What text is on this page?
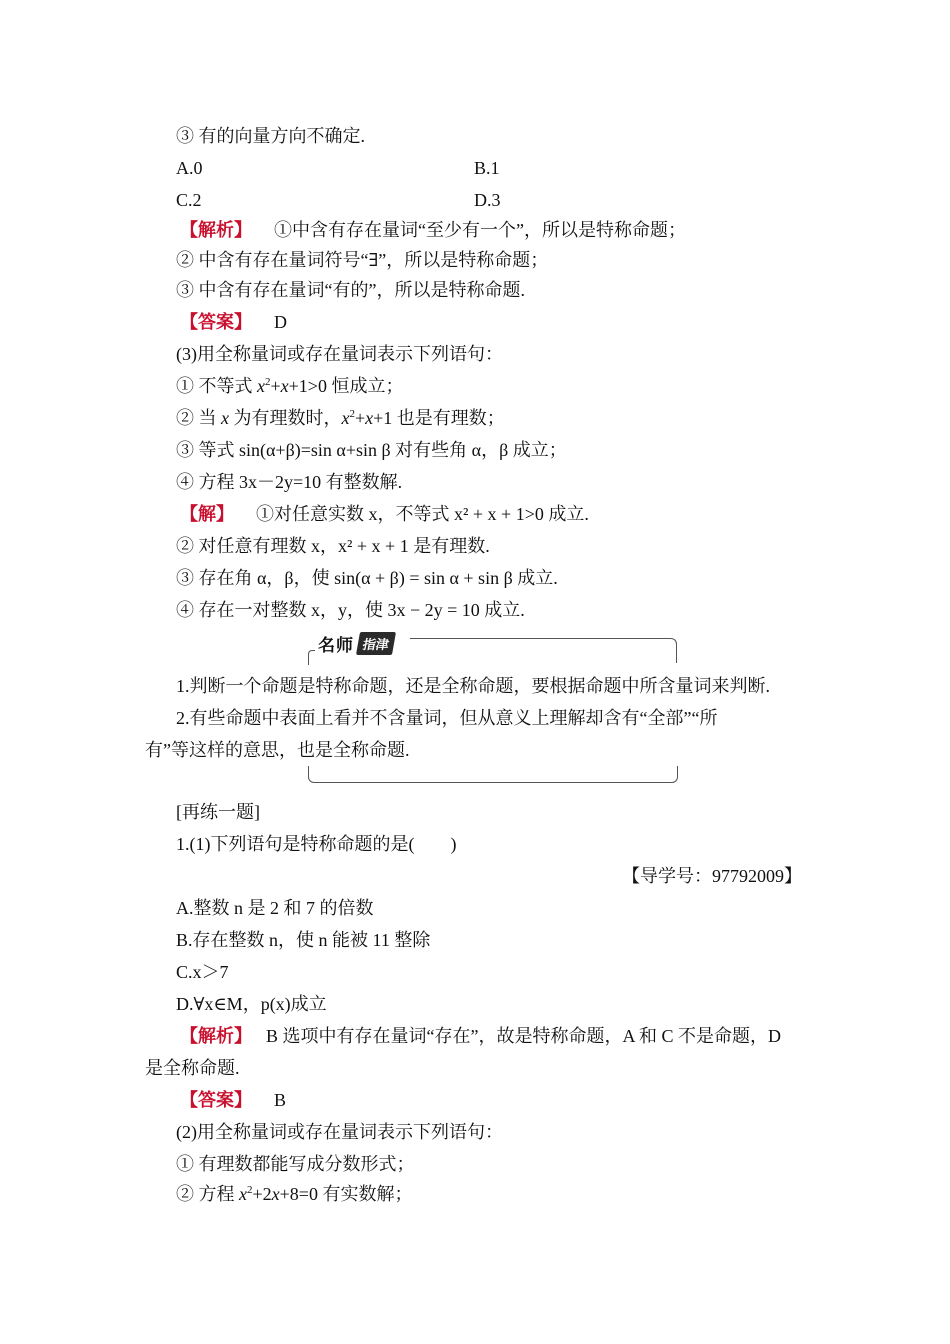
③ 有的向量方向不确定.
A.0	B.1
C.2	D.3
【解析】 ①中含有存在量词“至少有一个”，所以是特称命题；
② 中含有存在量词符号“∃”，所以是特称命题；
③ 中含有存在量词“有的”，所以是特称命题.
【答案】 D
(3)用全称量词或存在量词表示下列语句：
① 不等式 $x^2+x+1>0$ 恒成立；
② 当 x 为有理数时，$x^2+x+1$ 也是有理数；
③ 等式 sin(α+β)=sin α+sin β 对有些角 α，β 成立；
④ 方程 3x－2y=10 有整数解.
【解】 ①对任意实数 x，不等式 x² + x + 1>0 成立.
② 对任意有理数 x，x² + x + 1 是有理数.
③ 存在角 α，β，使 sin(α + β) = sin α + sin β 成立.
④ 存在一对整数 x，y，使 3x − 2y = 10 成立.
名师 指津
1.判断一个命题是特称命题，还是全称命题，要根据命题中所含量词来判断.
2.有些命题中表面上看并不含量词，但从意义上理解却含有“全部”“所
有”等这样的意思，也是全称命题.
[再练一题]
1.(1)下列语句是特称命题的是(　　)
【导学号：97792009】
A.整数 n 是 2 和 7 的倍数
B.存在整数 n，使 n 能被 11 整除
C.x＞7
D.∀x∈M，p(x)成立
【解析】 B 选项中有存在量词“存在”，故是特称命题，A 和 C 不是命题，D
是全称命题.
【答案】 B
(2)用全称量词或存在量词表示下列语句：
① 有理数都能写成分数形式；
② 方程 $x^2+2x+8=0$ 有实数解；
